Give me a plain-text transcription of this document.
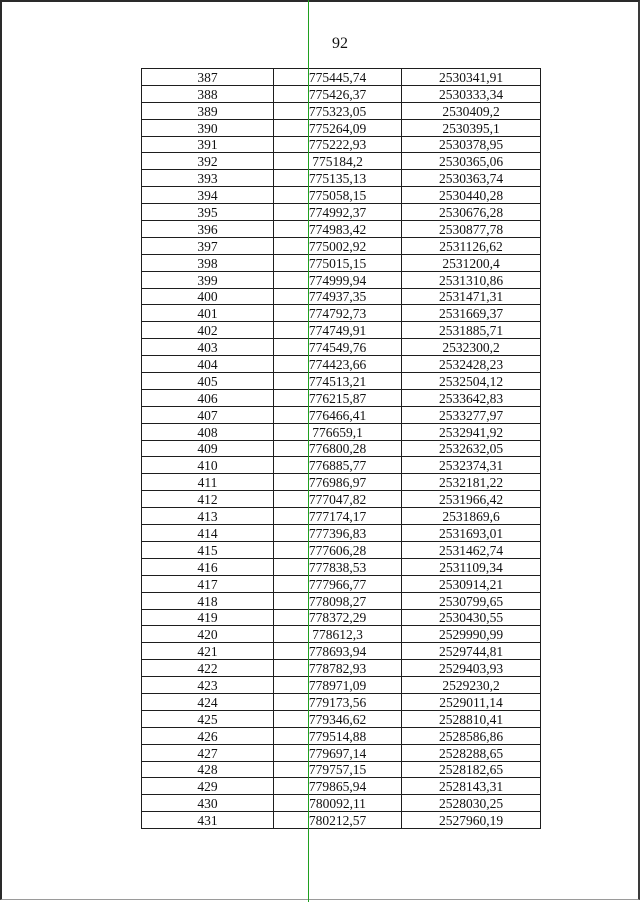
92
387	775445,74	2530341,91
388	775426,37	2530333,34
389	775323,05	2530409,2
390	775264,09	2530395,1
391	775222,93	2530378,95
392	775184,2	2530365,06
393	775135,13	2530363,74
394	775058,15	2530440,28
395	774992,37	2530676,28
396	774983,42	2530877,78
397	775002,92	2531126,62
398	775015,15	2531200,4
399	774999,94	2531310,86
400	774937,35	2531471,31
401	774792,73	2531669,37
402	774749,91	2531885,71
403	774549,76	2532300,2
404	774423,66	2532428,23
405	774513,21	2532504,12
406	776215,87	2533642,83
407	776466,41	2533277,97
408	776659,1	2532941,92
409	776800,28	2532632,05
410	776885,77	2532374,31
411	776986,97	2532181,22
412	777047,82	2531966,42
413	777174,17	2531869,6
414	777396,83	2531693,01
415	777606,28	2531462,74
416	777838,53	2531109,34
417	777966,77	2530914,21
418	778098,27	2530799,65
419	778372,29	2530430,55
420	778612,3	2529990,99
421	778693,94	2529744,81
422	778782,93	2529403,93
423	778971,09	2529230,2
424	779173,56	2529011,14
425	779346,62	2528810,41
426	779514,88	2528586,86
427	779697,14	2528288,65
428	779757,15	2528182,65
429	779865,94	2528143,31
430	780092,11	2528030,25
431	780212,57	2527960,19
